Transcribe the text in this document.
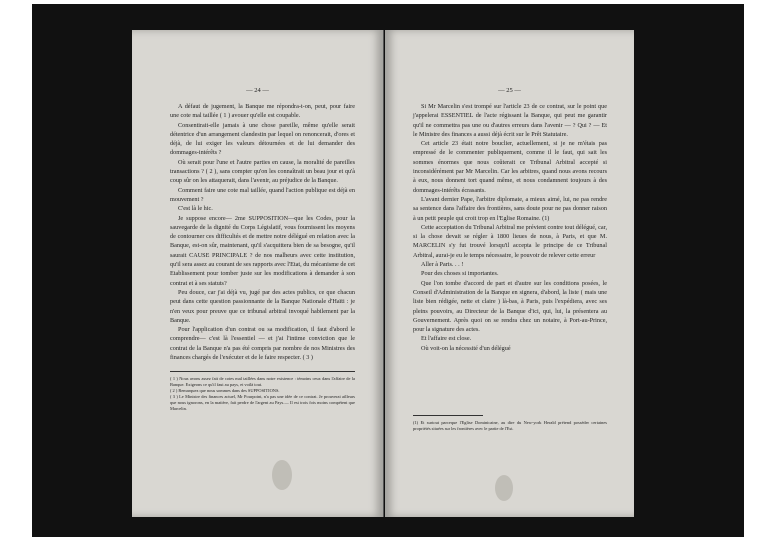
— 24 —

A défaut de jugement, la Banque me répondra-t-on, peut, pour faire une cote mal taillée ( 1 ) avouer qu'elle est coupable.

Consentirait-elle jamais à une chose pareille, même qu'elle serait détentrice d'un arrangement clandestin par lequel on renoncerait, d'ores et déjà, de lui exiger les valeurs détournées et de lui demander des dommages-intérêts ?

Où serait pour l'une et l'autre parties en cause, la moralité de pareilles transactions ? ( 2 ), sans compter qu'on les connaîtrait un beau jour et qu'à coup sûr on les attaquerait, dans l'avenir, au préjudice de la Banque.

Comment faire une cote mal taillée, quand l'action publique est déjà en mouvement ?

C'est là le hic.

Je suppose encore— 2me SUPPOSITION—que les Codes, pour la sauvegarde de la dignité du Corps Législatif, vous fournissent les moyens de contourner ces difficultés et de mettre notre délégué en relation avec la Banque, est-on sûr, maintenant, qu'il s'acquittera bien de sa besogne, qu'il saurait CAUSE PRINCIPALE ? de nos malheurs avec cette institution, qu'il sera assez au courant de ses rapports avec l'Etat, du mécanisme de cet Etablissement pour tomber juste sur les modifications à demander à son contrat et à ses statuts?

Peu douce, car j'ai déjà vu, jugé par des actes publics, ce que chacun peut dans cette question passionnante de la Banque Nationale d'Haïti : je n'en veux pour preuve que ce tribunal arbitral invoqué habilement par la Banque.

Pour l'application d'un contrat ou sa modification, il faut d'abord le comprendre— c'est là l'essentiel — et j'ai l'intime conviction que le contrat de la Banque n'a pas été compris par nombre de nos Ministres des finances chargés de l'exécuter et de le faire respecter. ( 3 )

( 1 ) Nous avons assez fait de cotes mal taillées dans notre existence : témoins ceux dans l'affaire de la Banque. Exigeons ce qu'il faut au pays, et voilà tout.

( 2 ) Remarquez que nous sommes dans des SUPPOSITIONS.

( 3 ) Le Ministre des finances actuel, Mr Pourpoint, n'a pas une idée de ce contrat. Je prouverai ailleurs que nous ignorons, en la matière, fait perdre de l'argent au Pays.— Il est trois fois moins compétent que Marcelin.

— 25 —

Si Mr Marcelin s'est trompé sur l'article 23 de ce contrat, sur le point que j'appelerai ESSENTIEL de l'acte régissant la Banque, qui peut me garantir qu'il ne commettra pas une ou d'autres erreurs dans l'avenir — ? Qui ? — Et le Ministre des finances a aussi déjà écrit sur le Prêt Statutaire.

Cet article 23 était notre bouclier, actuellement, si je ne m'étais pas empressé de le commenter publiquement, comme il le faut, qui sait les sommes énormes que nous coûterait ce Tribunal Arbitral accepté si inconsidérément par Mr Marcelin. Car les arbitres, quand nous avons recours à eux, nous donnent tort quand même, et nous condamnent toujours à des dommages-intérêts écrasants.

L'avant dernier Pape, l'arbitre diplomate, a mieux aimé, lui, ne pas rendre sa sentence dans l'affaire des frontières, sans doute pour ne pas donner raison à un petit peuple qui croit trop en l'Eglise Romaine. (1)

Cette acceptation du Tribunal Arbitral me prévient contre tout délégué, car, si la chose devait se régler à 1800 lieues de nous, à Paris, et que M. MARCELIN s'y fut trouvé lorsqu'il accepta le principe de ce Tribunal Arbitral, aurai-je eu le temps nécessaire, le pouvoir de relever cette erreur

Aller à Paris. . . !

Pour des choses si importantes.

Que l'on tombe d'accord de part et d'autre sur les conditions posées, le Conseil d'Administration de la Banque en signera, d'abord, la liste ( mais une liste bien rédigée, nette et claire ) là-bas, à Paris, puis l'expédiera, avec ses pleins pouvoirs, au Directeur de la Banque d'ici, qui, lui, la présentera au Gouvernement. Après quoi on se rendra chez un notaire, à Port-au-Prince, pour la signature des actes.

Et l'affaire est close.

Où voit-on la nécessité d'un délégué

(1) Et surtout parceque l'Eglise Dominicaine, au dire du New-york Herald prétend posséder certaines propriétés situées sur les frontières avec le partie de l'Est.
